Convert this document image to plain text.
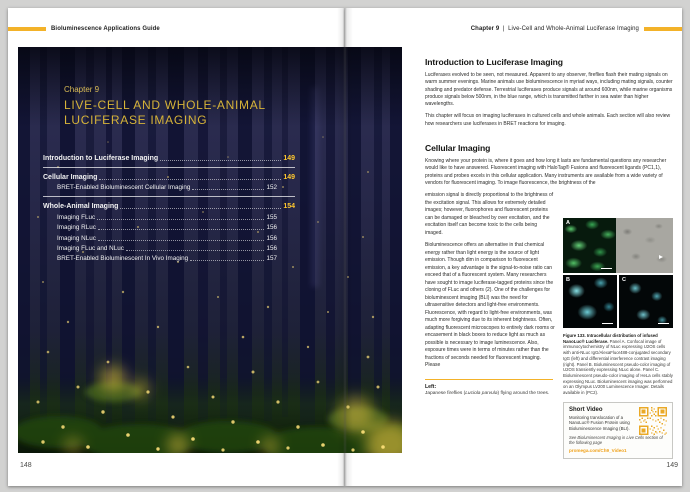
Bioluminescence Applications Guide	Chapter 9 | Live-Cell and Whole-Animal Luciferase Imaging
Chapter 9
LIVE-CELL AND WHOLE-ANIMAL
LUCIFERASE IMAGING
Introduction to Luciferase Imaging	149
Cellular Imaging	149
BRET-Enabled Bioluminescent Cellular Imaging	152
Whole-Animal Imaging	154
Imaging FLuc	155
Imaging RLuc	156
Imaging NLuc	156
Imaging FLuc and NLuc	156
BRET-Enabled Bioluminescent In Vivo Imaging	157
Introduction to Luciferase Imaging

Luciferases evolved to be seen, not measured. Apparent to any observer, fireflies flash their mating signals on warm summer evenings. Marine animals use bioluminescence in myriad ways, including mating signals, counter shading and predator defense. Terrestrial luciferases produce signals at around 600nm, while marine organisms produce signals below 500nm, in the blue range, which is transmitted farther in sea water than higher wavelengths.

This chapter will focus on imaging luciferases in cultured cells and whole animals. Each section will also review how researchers use luciferases in BRET reactions for imaging.

Cellular Imaging

Knowing where your protein is, where it goes and how long it lasts are fundamental questions any researcher would like to have answered. Fluorescent imaging with HaloTag® Fusions and fluorescent ligands (PC1,1), proteins and probes excels in this cellular application. Many instruments are available from a wide variety of vendors for fluorescent imaging. To image fluorescence, the brightness of the

emission signal is directly proportional to the brightness of the excitation signal. This allows for extremely detailed images; however, fluorophores and fluorescent proteins can be damaged or bleached by over excitation, and the excitation itself can become toxic to the cells being imaged.

Bioluminescence offers an alternative in that chemical energy rather than light energy is the source of light emission. Though dim in comparison to fluorescent emission, a key advantage is the signal-to-noise ratio can exceed that of a fluorescent system. Many researchers have sought to image luciferase-tagged proteins since the cloning of FLuc and others (2). One of the challenges for bioluminescent imaging (BLI) was the need for ultrasensitive detectors and light-free environments. Fluorescence, with regard to light-free environments, was much more forgiving due to its inherent brightness. Often, adapting fluorescent microscopes to entirely dark rooms or encasement in black boxes to reduce light as much as possible is necessary to image luminescence. Also, exposure times were in terms of minutes rather than the fractions of seconds needed for fluorescent imaging. Please

Left:
Japanese fireflies (Luciola parvula) flying around the trees.
A
B	C
Figure 133. Intracellular distribution of infused NanoLuc® Luciferase. Panel A. Confocal image of immunocytochemistry of NLuc expressing U2OS cells with anti-NLuc IgG/AlexaFluor488-conjugated secondary IgG (left) and differential interference contrast imaging (right). Panel B. Bioluminescent pseudo-color imaging of U2OS transiently expressing NLuc alone. Panel C. Bioluminescent pseudo-color imaging of HeLa cells stably expressing NLuc. Bioluminescent imaging was performed on an Olympus LV200 Luminescence Imager. Details available in (PC2).
Short Video
Monitoring translocation of a NanoLuc® Fusion Protein using Bioluminescence Imaging (BLI).
See Bioluminescent Imaging in Live Cells section of the following page
promega.com/Ch9_Video1
148	149
